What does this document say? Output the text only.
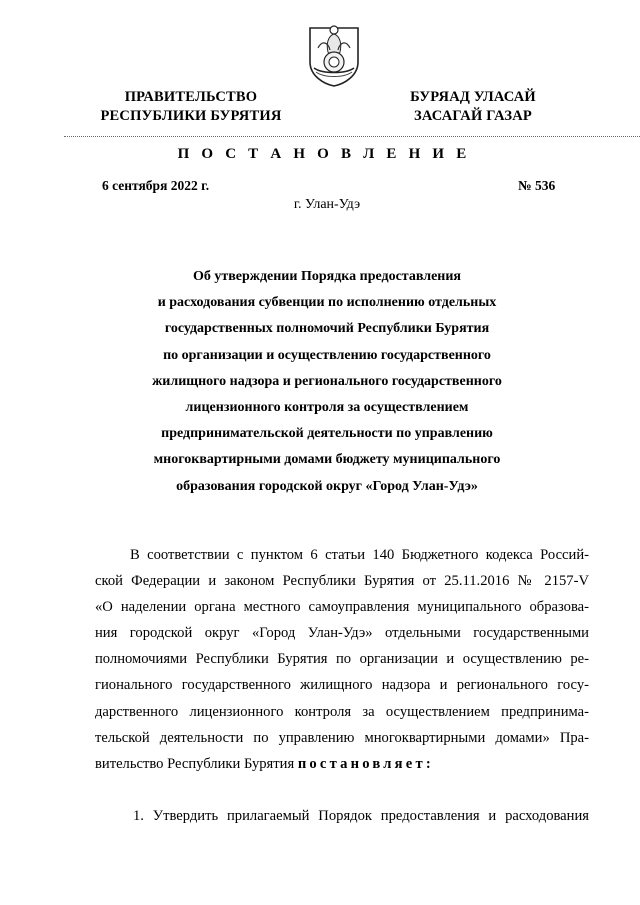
ПРАВИТЕЛЬСТВО
РЕСПУБЛИКИ БУРЯТИЯ
БУРЯАД УЛАСАЙ
ЗАСАГАЙ ГАЗАР
П О С Т А Н О В Л Е Н И Е
6 сентября 2022 г.	№ 536
г. Улан-Удэ
Об утверждении Порядка предоставления
и расходования субвенции по исполнению отдельных
государственных полномочий Республики Бурятия
по организации и осуществлению государственного
жилищного надзора и регионального государственного
лицензионного контроля за осуществлением
предпринимательской деятельности по управлению
многоквартирными домами бюджету муниципального
образования городской округ «Город Улан-Удэ»
В соответствии с пунктом 6 статьи 140 Бюджетного кодекса Россий-
ской Федерации и законом Республики Бурятия от 25.11.2016 № 2157-V
«О наделении органа местного самоуправления муниципального образова-
ния городской округ «Город Улан-Удэ» отдельными государственными
полномочиями Республики Бурятия по организации и осуществлению ре-
гионального государственного жилищного надзора и регионального госу-
дарственного лицензионного контроля за осуществлением предпринима-
тельской деятельности по управлению многоквартирными домами» Пра-
вительство Республики Бурятия постановляет:
1. Утвердить прилагаемый Порядок предоставления и расходования
